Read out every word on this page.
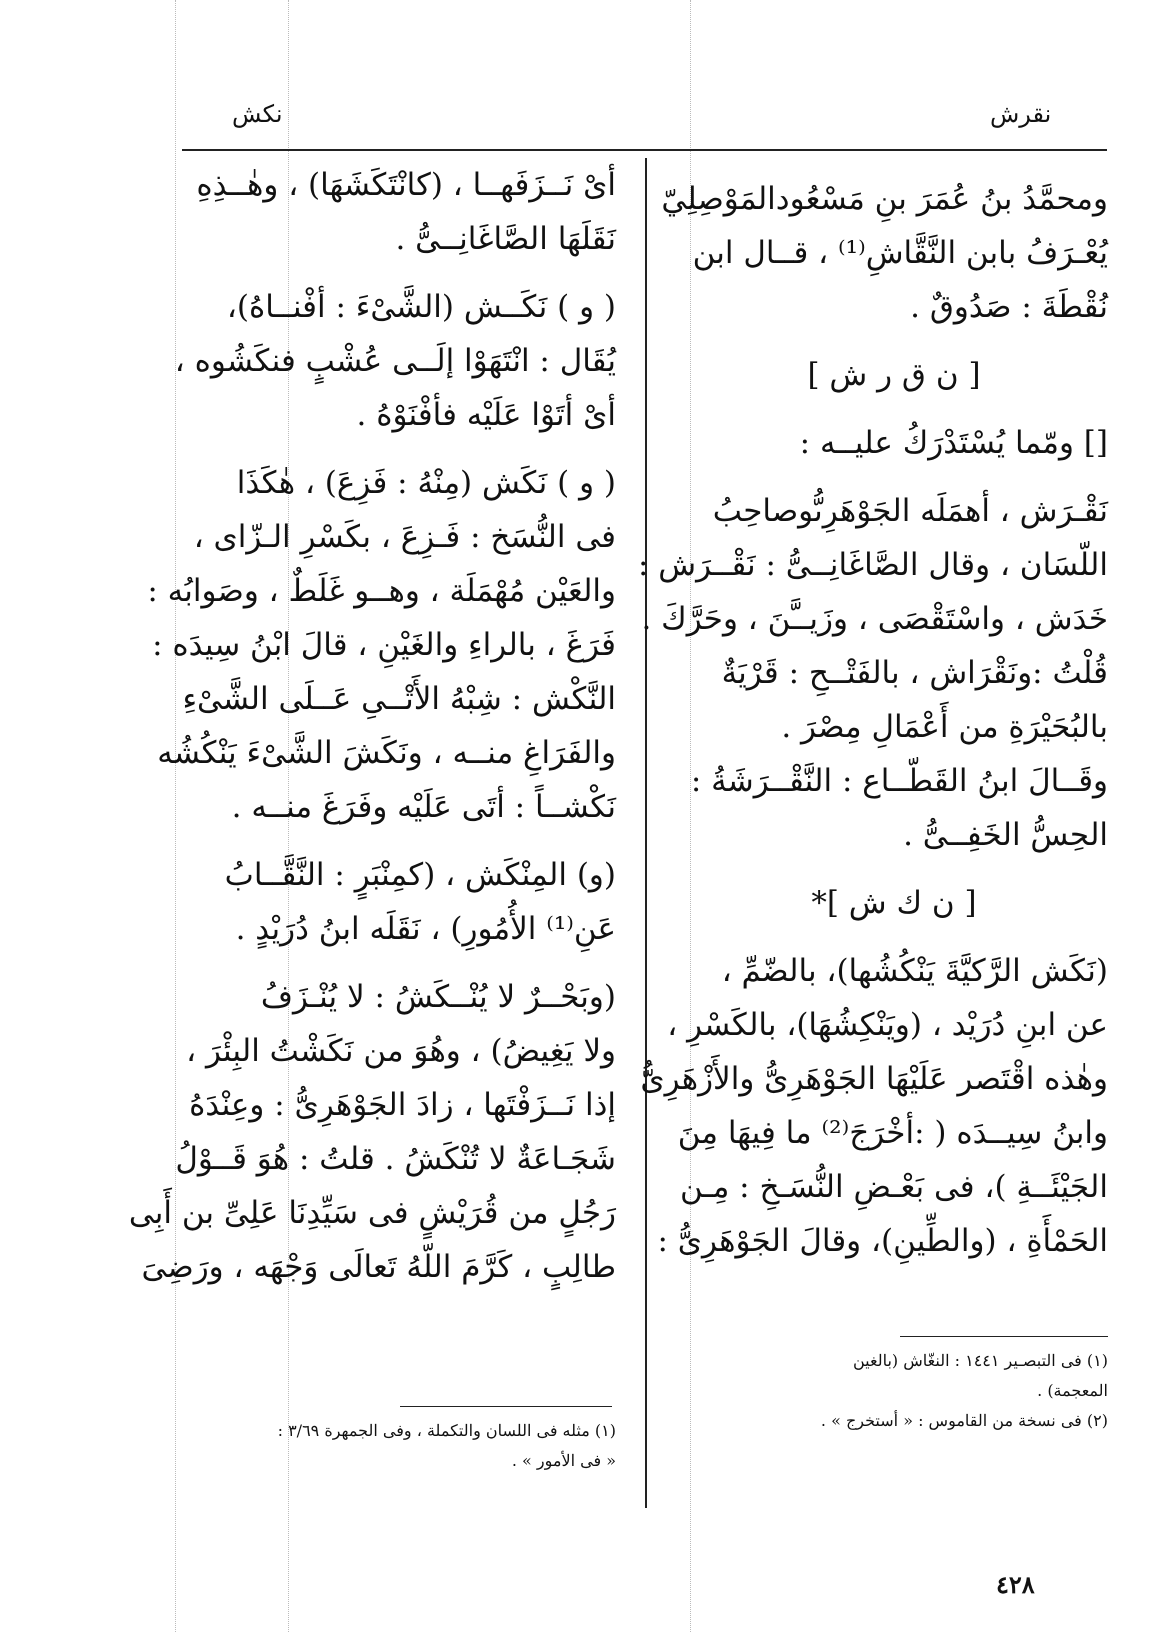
نقرش
نكش
ومحمَّدُ بنُ عُمَرَ بنِ مَسْعُودالمَوْصِلِيّ
يُعْـرَفُ بابن النَّقَّاشِ⁽¹⁾ ، قــال ابن
نُقْطَةَ : صَدُوقٌ .
[ ن ق ر ش ]
[] ومّما يُسْتَدْرَكُ عليــه :
نَقْـرَش ، أهمَلَه الجَوْهَرِىُّوصاحِبُ
اللّسَان ، وقال الصَّاغَانِــىُّ : نَقْــرَش :
خَدَش ، واسْتَقْصَى ، وزَيــَّنَ ، وحَرَّكَ .
قُلْتُ :ونَقْرَاش ، بالفَتْــحِ : قَرْيَةٌ
بالبُحَيْرَةِ من أَعْمَالِ مِصْرَ .
وقَــالَ ابنُ القَطّــاع : النَّقْــرَشَةُ :
الحِسُّ الخَفِــىُّ .
[ ن ك ش ]*
(نَكَش الرَّكيَّةَ يَنْكُشُها)، بالضّمِّ ،
عن ابنِ دُرَيْد ، (ويَنْكِشُهَا)، بالكَسْرِ ،
وهٰذه اقْتَصر عَلَيْهَا الجَوْهَرِىُّ والأَزْهَرِىُّ
وابنُ سِيــدَه ( :أخْرَجَ⁽²⁾ ما فِيهَا مِنَ
الجَيْئَــةِ )، فى بَعْـضِ النُّسَـخِ : مِـن
الحَمْأَةِ ، (والطِّينِ)، وقالَ الجَوْهَرِىُّ :
(١) فى التبصـير ١٤٤١ : النغّاش (بالغين
المعجمة) .
(٢) فى نسخة من القاموس : « أستخرج » .
أىْ نَــزَفَهــا ، (كانْتَكَشَهَا) ، وهٰــذِهِ
نَقَلَهَا الصَّاغَانِــىُّ .
( و ) نَكَــش (الشَّىْءَ : أفْنــاهُ)،
يُقَال : انْتَهَوْا إلَــى عُشْبٍ فنكَشُوه ،
أىْ أتَوْا عَلَيْه فأفْنَوْهُ .
( و ) نَكَش (مِنْهُ : فَزِعَ) ، هٰكَذَا
فى النُّسَخ : فَـزِعَ ، بكَسْرِ الـزّاى ،
والعَيْن مُهْمَلَة ، وهــو غَلَطٌ ، وصَوابُه :
فَرَغَ ، بالراءِ والغَيْنِ ، قالَ ابْنُ سِيدَه :
النَّكْش : شِبْهُ الأَتْــىِ عَــلَى الشَّىْءِ
والفَرَاغِ منــه ، ونَكَشَ الشَّىْءَ يَنْكُشُه
نَكْشــاً : أتَى عَلَيْه وفَرَغَ منــه .
(و) المِنْكَش ، (كمِنْبَرٍ : النَّقَّــابُ
عَنِ⁽¹⁾ الأُمُورِ) ، نَقَلَه ابنُ دُرَيْدٍ .
(وبَحْــرٌ لا يُنْــكَشُ : لا يُنْـزَفُ
ولا يَغِيضُ) ، وهُوَ من نَكَشْتُ البِئْرَ ،
إذا نَــزَفْتَها ، زادَ الجَوْهَرِىُّ : وعِنْدَهُ
شَجَـاعَةٌ لا تُنْكَشُ . قلتُ : هُوَ قَــوْلُ
رَجُلٍ من قُرَيْشٍ فى سَيِّدِنَا عَلِىِّ بن أَبِى
طالِبٍ ، كَرَّمَ اللّهُ تَعالَى وَجْهَه ، ورَضِىَ
(١) مثله فى اللسان والتكملة ، وفى الجمهرة ٣/٦٩ :
« فى الأمور » .
٤٢٨
